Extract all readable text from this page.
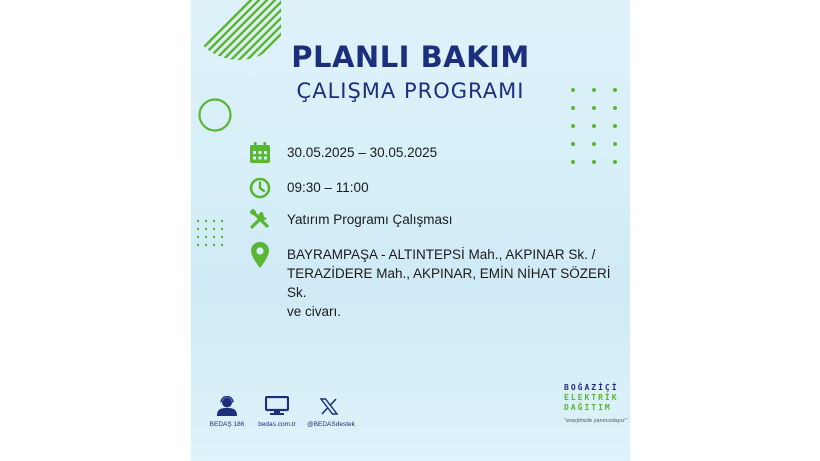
PLANLI BAKIM
ÇALIŞMA PROGRAMI
30.05.2025 – 30.05.2025
09:30 – 11:00
Yatırım Programı Çalışması
BAYRAMPAŞA - ALTINTEPSİ Mah., AKPINAR Sk. /
TERAZİDERE Mah., AKPINAR, EMİN NİHAT SÖZERİ Sk.
ve civarı.
BEDAŞ 186	bedas.com.tr	@BEDASdestek
BOĞAZİÇİ
ELEKTRİK
DAĞITIM
"enerjimizle yanınızdayız"
